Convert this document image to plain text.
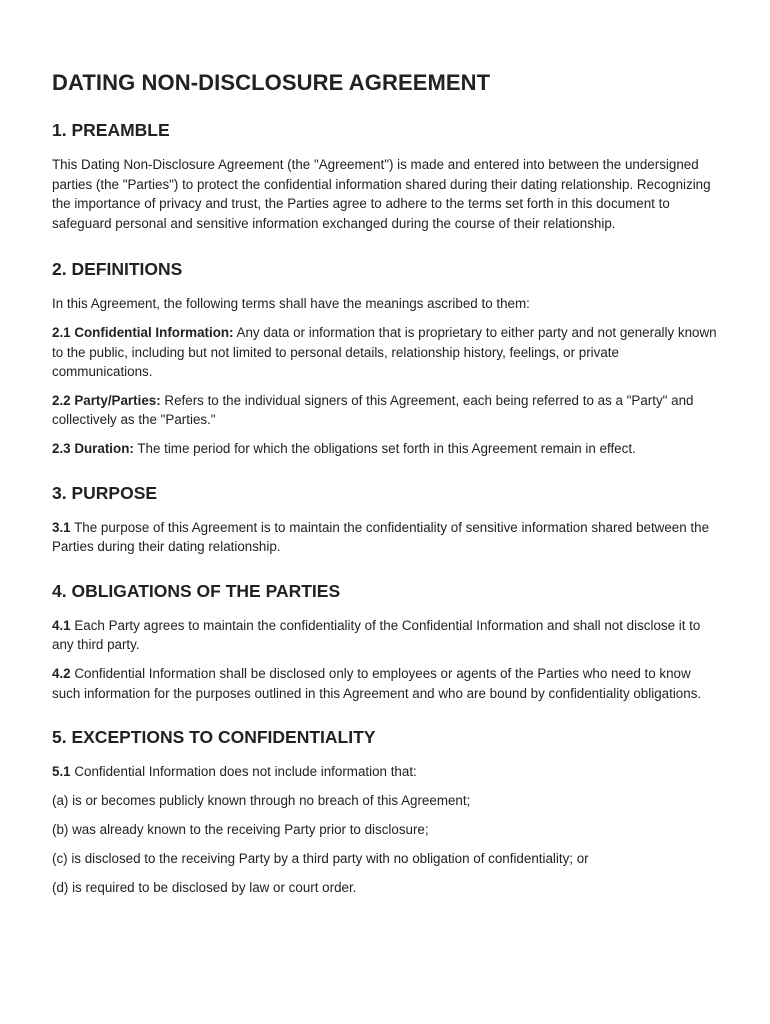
DATING NON-DISCLOSURE AGREEMENT
1. PREAMBLE

This Dating Non-Disclosure Agreement (the "Agreement") is made and entered into between the undersigned parties (the "Parties") to protect the confidential information shared during their dating relationship. Recognizing the importance of privacy and trust, the Parties agree to adhere to the terms set forth in this document to safeguard personal and sensitive information exchanged during the course of their relationship.

2. DEFINITIONS

In this Agreement, the following terms shall have the meanings ascribed to them:

2.1 Confidential Information: Any data or information that is proprietary to either party and not generally known to the public, including but not limited to personal details, relationship history, feelings, or private communications.

2.2 Party/Parties: Refers to the individual signers of this Agreement, each being referred to as a "Party" and collectively as the "Parties."

2.3 Duration: The time period for which the obligations set forth in this Agreement remain in effect.

3. PURPOSE

3.1 The purpose of this Agreement is to maintain the confidentiality of sensitive information shared between the Parties during their dating relationship.

4. OBLIGATIONS OF THE PARTIES

4.1 Each Party agrees to maintain the confidentiality of the Confidential Information and shall not disclose it to any third party.

4.2 Confidential Information shall be disclosed only to employees or agents of the Parties who need to know such information for the purposes outlined in this Agreement and who are bound by confidentiality obligations.

5. EXCEPTIONS TO CONFIDENTIALITY

5.1 Confidential Information does not include information that:

(a) is or becomes publicly known through no breach of this Agreement;

(b) was already known to the receiving Party prior to disclosure;

(c) is disclosed to the receiving Party by a third party with no obligation of confidentiality; or

(d) is required to be disclosed by law or court order.
